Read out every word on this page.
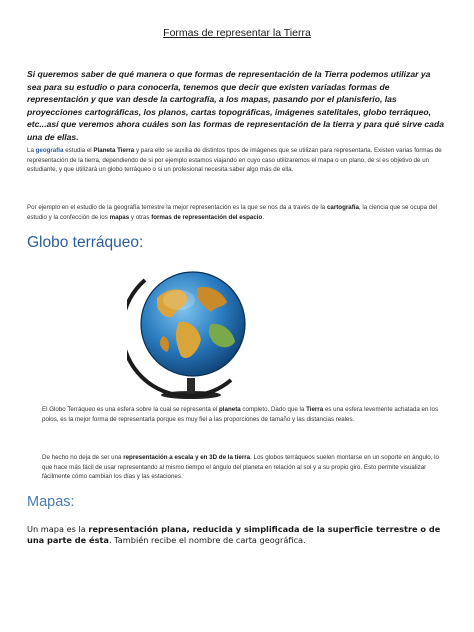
Formas de representar la Tierra
Si queremos saber de qué manera o que formas de representación de la Tierra podemos utilizar ya sea para su estudio o para conocerla, tenemos que decir que existen variadas formas de representación y que van desde la cartografía, a los mapas, pasando por el planisferio, las proyecciones cartográficas, los planos, cartas topográficas, imágenes satelitales, globo terráqueo, etc...así que veremos ahora cuáles son las formas de representación de la tierra y para qué sirve cada una de ellas.
La geografía estudia el Planeta Tierra y para ello se auxilia de distintos tipos de imágenes que se utilizan para representarla. Existen varias formas de representación de la tierra, dependiendo de si por ejemplo estamos viajando en cuyo caso utilizaremos el mapa o un plano, de si es objetivo de un estudiante, y que utilizará un globo terráqueo o si un profesional necesita saber algo más de ella.
Por ejemplo en el estudio de la geografía terrestre la mejor representación es la que se nos da a través de la cartografía, la ciencia que se ocupa del estudio y la confección de los mapas y otras formas de representación del espacio.
Globo terráqueo:
El Globo Terráqueo es una esfera sobre la cual se representa el planeta completo. Dado que la Tierra es una esfera levemente achatada en los polos, es la mejor forma de representarla porque es muy fiel a las proporciones de tamaño y las distancias reales.
De hecho no deja de ser una representación a escala y en 3D de la tierra. Los globos terráqueos suelen montarse en un soporte en ángulo, lo que hace más fácil de usar representando al mismo tiempo el ángulo del planeta en relación al sol y a su propio giro. Esto permite visualizar fácilmente cómo cambian los días y las estaciones.
Mapas:
Un mapa es la representación plana, reducida y simplificada de la superficie terrestre o de una parte de ésta. También recibe el nombre de carta geográfica.
